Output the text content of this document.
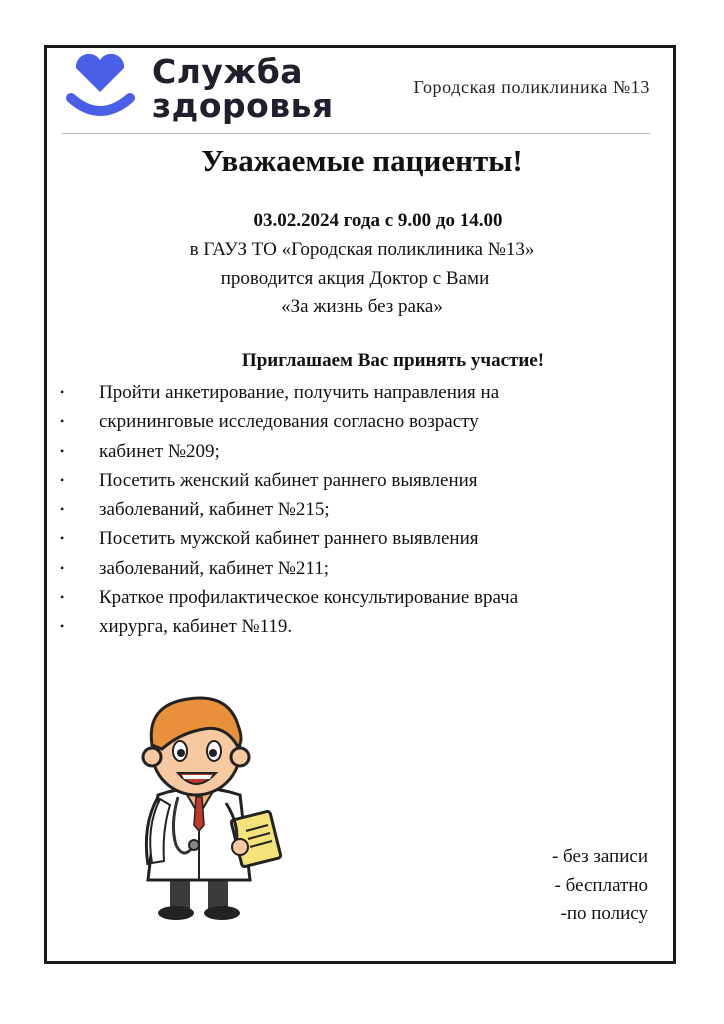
Служба
здоровья	Городская поликлиника №13
Уважаемые пациенты!
03.02.2024 года с 9.00 до 14.00
в ГАУЗ ТО «Городская поликлиника №13»
проводится акция Доктор с Вами
«За жизнь без рака»
Приглашаем Вас принять участие!
• Пройти анкетирование, получить направления на
• скрининговые исследования согласно возрасту
• кабинет №209;
• Посетить женский кабинет раннего выявления
• заболеваний, кабинет №215;
• Посетить мужской кабинет раннего выявления
• заболеваний, кабинет №211;
• Краткое профилактическое консультирование врача
• хирурга, кабинет №119.
- без записи
- бесплатно
-по полису
